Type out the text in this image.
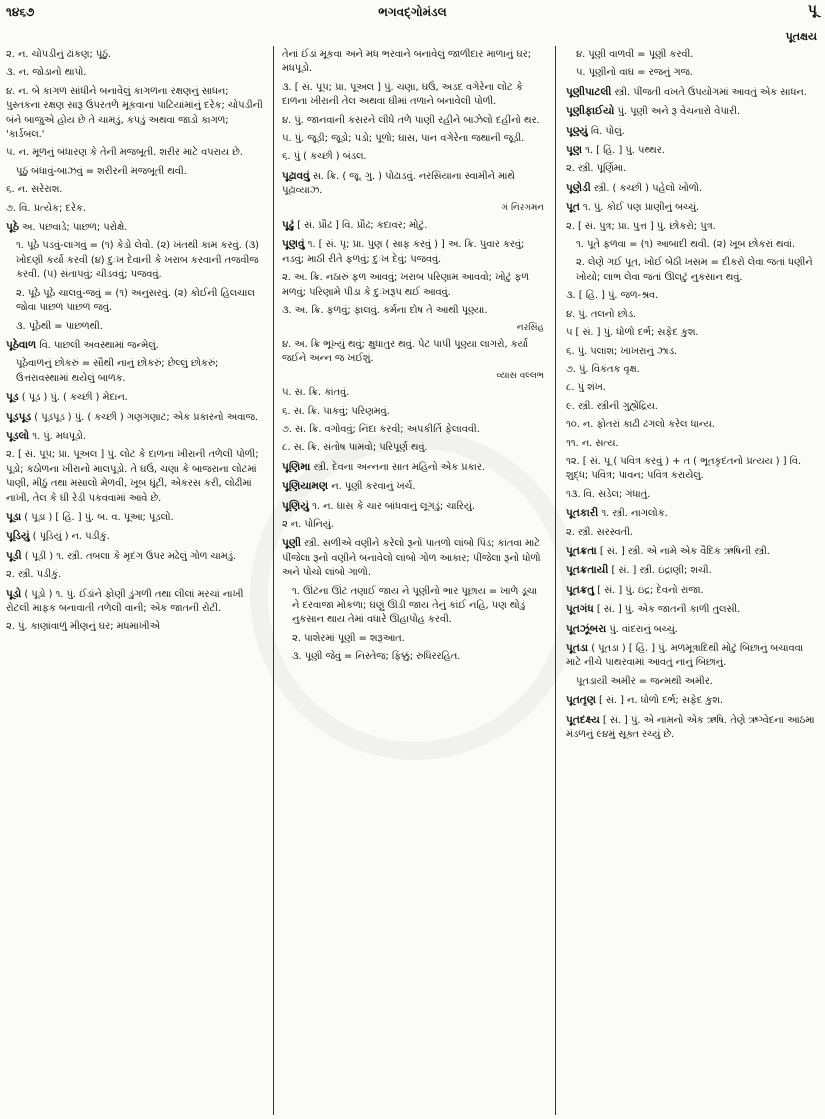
૧૪૬૭	ભગવદ્ગોમંડલ	પૂ
પૂતક્ષય
૨. ન. ચોપડીનું ઢાંકણ; પૂંઠું.
૩. ન. જોડાનો થાપો.
૪. ન. બે કાગળ સાંધીને બનાવેલું કાગળના રક્ષણનું સાધન; પુસ્તકના રક્ષણ સારૂ ઉપરતળે મૂકવાનાં પાટિયાંમાંનું દરેક; ચોપડીની બંને બાજુએ હોય છે તે ચામડું, કપડું અથવા જાડો કાગળ; 'કાર્ડબલ.'
૫. ન. મૂળનું બંધારણ કે તેની મજબૂતી. શરીર માટે વપરાય છે.
પૂઠું બંધાવું-બાઝવું = શરીરની મજબૂતી થવી.
૬. ન. સરેરાશ.
૭. વિ. પ્રત્યેક; દરેક.
પૂઠે અ. પછવાડે; પાછળ; પરોક્ષે.
૧. પૂઠે પડવું-લાગવું = (૧) કેડો લેવો. (૨) ખંતથી કામ કરવું. (૩) ખોદણી કર્યા કરવી (૪) દુઃખ દેવાની કે ખરાબ કરવાની તજવીજ કરવી. (૫) સંતાપવું; ચીડવવું; પજવવું.
૨. પૂઠે પૂઠે ચાલવું-જવું = (૧) અનુસરવું. (૨) કોઈની હિલચાલ જોવા પાછળ પાછળ જવું.
૩. પૂઠેથી = પાછળથી.
પૂઠેવાળ વિ. પાછલી અવસ્થામાં જન્મેલું.
પૂઠેવાળનું છોકરું = સૌથી નાનું છોકરું; છેલ્લું છોકરું; ઉત્તરાવસ્થામાં થયેલું બાળક.
પૂડ ( પૂડ ) પું. ( કચ્છી ) મેદાન.
પૂડપૂડ ( પૂડપૂડ ) પું. ( કચ્છી ) ગણગણાટ; એક પ્રકારનો અવાજ.
પૂડલો ૧. પું. મધપૂડો.
૨. [ સં. પૂપ; પ્રા. પૂઅલ ] પું. લોટ કે દાળના ખીરાની તળેલી પોળી; પૂડો; કઠોળના ખીરાનો માલપૂડો. તે ઘઉં, ચણા કે બાજરાના લોટમાં પાણી, મીઠું તથા મસાલો મેળવી, ખૂબ ઘૂંટી, એકરસ કરી, લોઢીમાં નાખી, તેલ કે ઘી રેડી પકવવામાં આવે છે.
પૂડા ( પૂડા ) [ હિં. ] પું. બ. વ. પૂઆ; પૂડલો.
પૂડિયું ( પૂડિયું ) ન. પડીકું.
પૂડી ( પૂડી ) ૧. સ્ત્રી. તબલા કે મૃદંગ ઉપર મઢેલું ગોળ ચામડું.
૨. સ્ત્રી. પડીકું.
પૂડો ( પૂડો ) ૧. પું. ઈંડાંને ફોણી ડુંગળી તથા લીલાં મરચાં નાખી રોટલી માફક બનાવાતી તળેલી વાની; એક જાતની રોટી.
૨. પું. કાણાંવાળું મીણનું ઘર; મધમાખીએ
તેનાં ઈંડાં મૂકવા અને મધ ભરવાને બનાવેલું જાળીદાર માળાનું ઘર; મધપૂડો.
૩. [ સં. પૂપ; પ્રા. પૂઅલ ] પું. ચણા, ઘઉં, અડદ વગેરેના લોટ કે દાળના ખીરાની તેલ અથવા ઘીમાં તળાને બનાવેલી પોળી.
૪. પું. જાનવાની કસરને લીધે તળે પાણી રહીને બાઝેલો દહીંનો થર.
૫. પું. જૂડી; જૂડો; પડો; પૂળો; ઘાસ, પાન વગેરેના જથાની જૂડી.
૬. પું ( કચ્છી ) બંડલ.
પૂઢાવવું સ. ક્રિ. ( જૂ. ગુ. ) પોઢાડવું. નરસિંયાના સ્વામીને માથે પૂઢાવ્યાઝ.
ગં નિરગમન
પૂઢું [ સં. પ્રૌઢ ] વિ. પ્રૌઢ; કદાવર; મોટું.
પૂણવું ૧. [ સં. પૃ; પ્રા. પુણ ( સાફ કરવું ) ] અ. ક્રિ. પુવાર કરવું; નડવું; માઠી રીતે ફળવું; દુઃખ દેવું; પજવવું.
૨. અ. ક્રિ. નઠારું ફળ આવવું; ખરાબ પરિણામ આવવો; ખોટું ફળ મળવું; પરિણામે પીડા કે દુઃખરૂપ થઈ આવવું.
૩. અ. ક્રિ. ફળવું; ફાલવું. કર્મના દોષ તે આથી પૂણ્યા.
નરસિંહ
૪. અ. ક્રિ ભૂખ્યું થવું; ક્ષુધાતુર થવું. પેટ પાપી પૂણ્યા લાગરો, કર્યા જઈને અન્ન જ ખઈશું.
વ્યાસ વલ્લભ
૫. સ. ક્રિ. કાંતવું.
૬. સ. ક્રિ. પાકવું; પરિણમવું.
૭. સ. ક્રિ. વગોવવું; નિંદા કરવી; અપકીર્તિ ફેલાવવી.
૮. સ. ક્રિ. સંતોષ પામવો; પરિપૂર્ણ થવું.
પૂણિમા સ્ત્રી. દેવના અન્નના સાત મહિનો એક પ્રકાર.
પૂણિયામણ ન. પૂણી કરવાનું ખર્ચ.
પૂણિયું ૧. ન. ઘાસ કે ચાર બાંધવાનું લૂગડું; ચારિયું.
૨ ન. પોનિયું.
પૂણી સ્ત્રી. સળીએ વણીને કરેલો રૂનો પાતળો લાંબો પિંડ; કાંતવા માટે પીંજેલા રૂનો વણીને બનાવેલો લાંબો ગોળ આકાર; પીંજેલા રૂનો ધોળો અને પોચો લાંબો ગાળો.
૧. ઊંટના ઊંટ તણાઈ જાય ને પૂણીનો ભાર પૂછાય = ખાળે ડૂચા ને દરવાજા મોકળા; ઘણું ઊડી જાય તેનું કાંઈ નહિ, પણ થોડું નુકસાન થાય તેમાં વધારે ઊહાપોહ કરવી.
૨. પાશેરમાં પૂણી = શરૂઆત.
૩. પૂણી જેવું = નિસ્તેજ; ફિક્કું; રુધિરરહિત.
૪. પૂણી વાળવી = પૂણી કરવી.
૫. પૂણીનો વાઘ = રજનું ગજ.
પૂણીપાટલી સ્ત્રી. પીંજતી વખતે ઉપયોગમાં આવતું એક સાધન.
પૂણીફાઈયો પું. પૂણી અને રૂ વેચનારો વેપારી.
પૂણ્યું વિ. પોલું.
પૂણ ૧. [ હિં. ] પું. પથ્થર.
૨. સ્ત્રી. પૂર્ણિમા.
પૂણેડી સ્ત્રી. ( કચ્છી ) પહેલો ખોળો.
પૂત ૧. પું. કોઈ પણ પ્રાણીનું બચ્ચું.
૨. [ સં. પુત્ર; પ્રા. પુત્ત ] પું. છોકરો; પુત્ર.
૧. પૂતે ફળવા = (૧) આબાદી થવી. (૨) ખૂબ છોકરાં થવાં.
૨. લેણે ગઈ પૂત, ખોઈ બેઠી ખસમ = દીકરો લેવા જતાં ધણીને ખોયો; લાભ લેવા જતાં ઊલટું નુકસાન થવું.
૩. [ હિં. ] પું. જળ-શ્રવ.
૪. પું. તલનો છોડ.
૫ [ સં. ] પું. ધોળો દર્ભ; સફેદ કુશ.
૬. પું. પલાશ; ખાખરાનું ઝાડ.
૭. પું. વિકંતક વૃક્ષ.
૮. પું શંખ.
૯. સ્ત્રી. સ્ત્રીની ગુહ્યેંદ્રિય.
૧૦. ન. ફોતરાં કાઢી ઢગલો કરેલ ધાન્ય.
૧૧. ન. સત્ય.
૧૨. [ સં. પૂ ( પવિત્ર કરવું ) + ત ( ભૂતકૃદંતનો પ્રત્યય ) ] વિ. શુદ્ધ; પવિત્ર; પાવન; પવિત્ર કરાયેલું.
૧૩. વિ. સડેલ; ગંધાતું.
પૂતકારી ૧. સ્ત્રી. નાગલોક.
૨. સ્ત્રી. સરસ્વતી.
પૂતક્રતા [ સં. ] સ્ત્રી. એ નામે એક વૈદિક ઋષિની સ્ત્રી.
પૂતક્રતાયી [ સં. ] સ્ત્રી. ઇંદ્રાણી; શચી.
પૂતક્રતુ [ સં. ] પું. ઇંદ્ર; દેવનો રાજા.
પૂતગંધ [ સં. ] પું. એક જાતની કાળી તુલસી.
પૂતઝૂંબરા પું. વાંદરાનું બચ્ચું.
પૂતડા ( પૂતડા ) [ હિં. ] પું. મળમૂત્રાદિથી મોટું બિછાનું બચાવવા માટે નીચે પાથરવામાં આવતું નાનું બિછાનું.
પૂતડાયી અમીર = જન્મથી અમીર.
પૂતતૃણ [ સં. ] ન. ધોળો દર્ભ; સફેદ કુશ.
પૂતદક્ષ્ય [ સં. ] પું. એ નામનો એક ઋષિ. તેણે ઋગ્વેદના આઠમા મંડળનું ૯૪મું સૂક્ત રચ્યું છે.
